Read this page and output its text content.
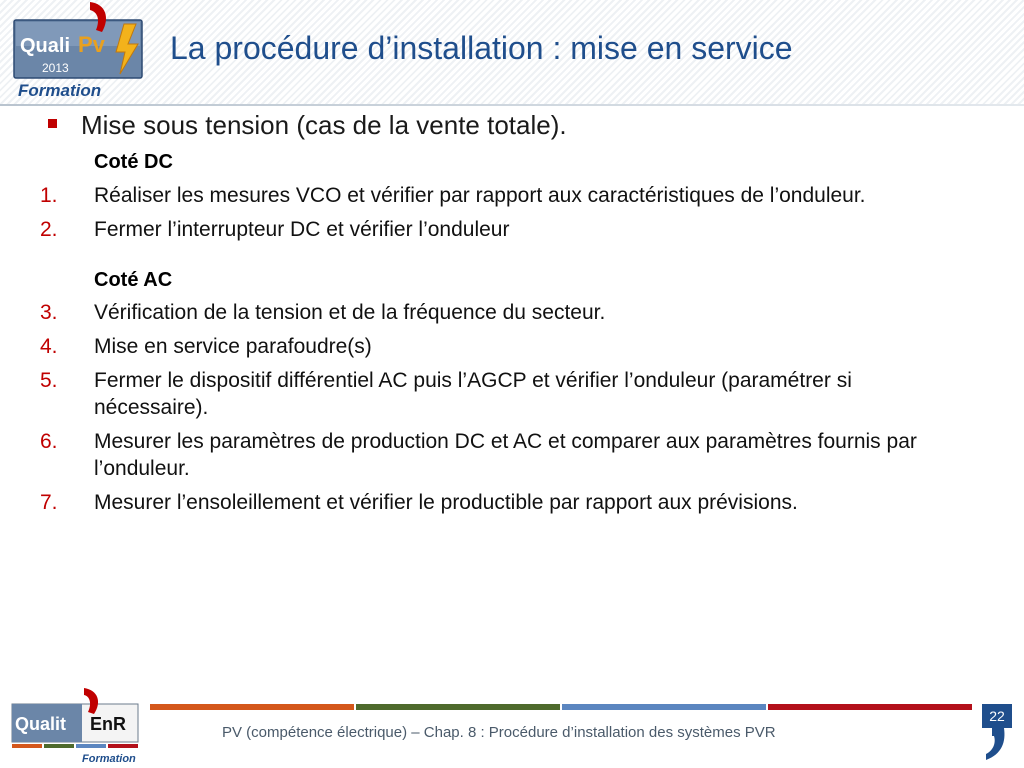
Quali Pv
2013
Formation
La procédure d’installation : mise en service
Mise sous tension (cas de la vente totale).
Coté DC
1.	Réaliser les mesures VCO et vérifier par rapport aux caractéristiques de l’onduleur.
2.	Fermer l’interrupteur DC et vérifier l’onduleur
Coté AC
3.	Vérification de la tension et de la fréquence du secteur.
4.	Mise en service parafoudre(s)
5.	Fermer le dispositif différentiel AC puis l’AGCP et vérifier l’onduleur (paramétrer si nécessaire).
6.	Mesurer les paramètres de production DC et AC et comparer aux paramètres fournis par l’onduleur.
7.	Mesurer l’ensoleillement et vérifier le productible par rapport aux prévisions.
Qualit EnR
Formation
PV (compétence électrique) – Chap. 8 : Procédure d’installation des systèmes PVR
22
